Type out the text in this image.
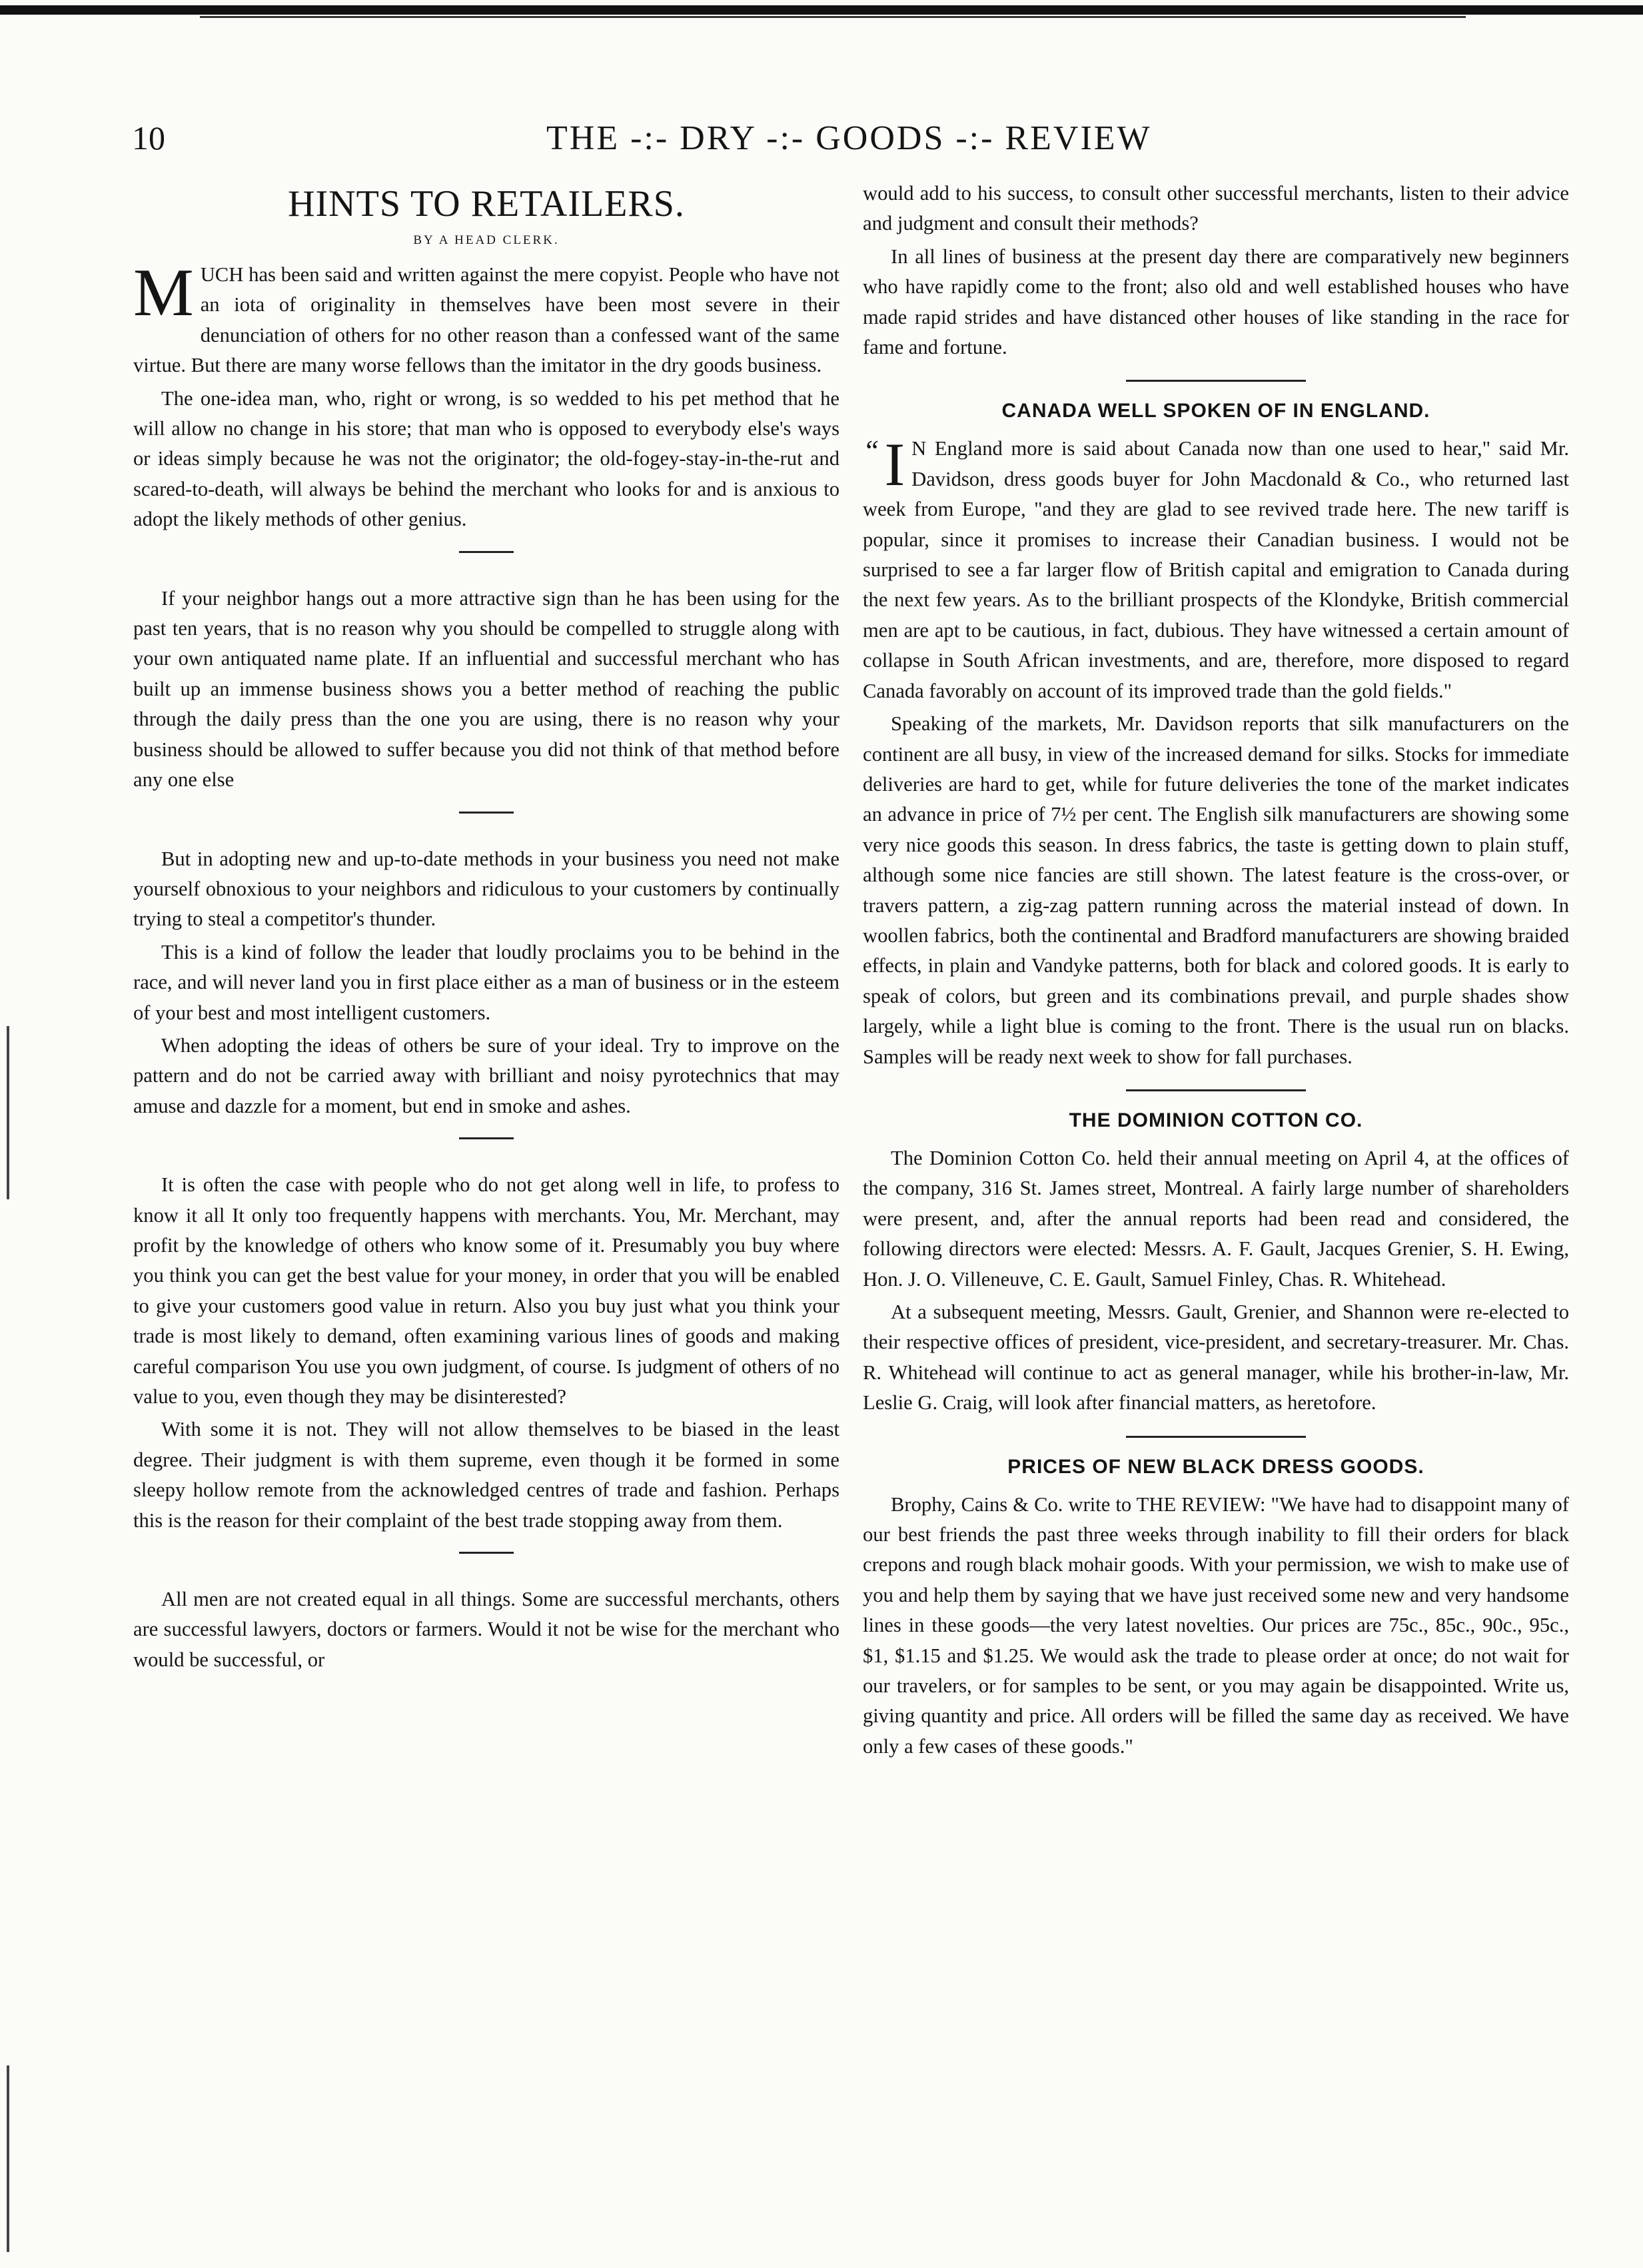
10	THE -:- DRY -:- GOODS -:- REVIEW
HINTS TO RETAILERS.
BY A HEAD CLERK.

M UCH has been said and written against the mere copyist. People who have not an iota of originality in themselves have been most severe in their denunciation of others for no other reason than a confessed want of the same virtue. But there are many worse fellows than the imitator in the dry goods business.

The one-idea man, who, right or wrong, is so wedded to his pet method that he will allow no change in his store; that man who is opposed to everybody else's ways or ideas simply because he was not the originator; the old-fogey-stay-in-the-rut and scared-to-death, will always be behind the merchant who looks for and is anxious to adopt the likely methods of other genius.

If your neighbor hangs out a more attractive sign than he has been using for the past ten years, that is no reason why you should be compelled to struggle along with your own antiquated name plate. If an influential and successful merchant who has built up an immense business shows you a better method of reaching the public through the daily press than the one you are using, there is no reason why your business should be allowed to suffer because you did not think of that method before any one else

But in adopting new and up-to-date methods in your business you need not make yourself obnoxious to your neighbors and ridiculous to your customers by continually trying to steal a competitor's thunder.

This is a kind of follow the leader that loudly proclaims you to be behind in the race, and will never land you in first place either as a man of business or in the esteem of your best and most intelligent customers.

When adopting the ideas of others be sure of your ideal. Try to improve on the pattern and do not be carried away with brilliant and noisy pyrotechnics that may amuse and dazzle for a moment, but end in smoke and ashes.

It is often the case with people who do not get along well in life, to profess to know it all It only too frequently happens with merchants. You, Mr. Merchant, may profit by the knowledge of others who know some of it. Presumably you buy where you think you can get the best value for your money, in order that you will be enabled to give your customers good value in return. Also you buy just what you think your trade is most likely to demand, often examining various lines of goods and making careful comparison You use you own judgment, of course. Is judgment of others of no value to you, even though they may be disinterested?

With some it is not. They will not allow themselves to be biased in the least degree. Their judgment is with them supreme, even though it be formed in some sleepy hollow remote from the acknowledged centres of trade and fashion. Perhaps this is the reason for their complaint of the best trade stopping away from them.

All men are not created equal in all things. Some are successful merchants, others are successful lawyers, doctors or farmers. Would it not be wise for the merchant who would be successful, or

would add to his success, to consult other successful merchants, listen to their advice and judgment and consult their methods?

In all lines of business at the present day there are comparatively new beginners who have rapidly come to the front; also old and well established houses who have made rapid strides and have distanced other houses of like standing in the race for fame and fortune.

CANADA WELL SPOKEN OF IN ENGLAND.

“ I N England more is said about Canada now than one used to hear," said Mr. Davidson, dress goods buyer for John Macdonald & Co., who returned last week from Europe, "and they are glad to see revived trade here. The new tariff is popular, since it promises to increase their Canadian business. I would not be surprised to see a far larger flow of British capital and emigration to Canada during the next few years. As to the brilliant prospects of the Klondyke, British commercial men are apt to be cautious, in fact, dubious. They have witnessed a certain amount of collapse in South African investments, and are, therefore, more disposed to regard Canada favorably on account of its improved trade than the gold fields."

Speaking of the markets, Mr. Davidson reports that silk manufacturers on the continent are all busy, in view of the increased demand for silks. Stocks for immediate deliveries are hard to get, while for future deliveries the tone of the market indicates an advance in price of 7½ per cent. The English silk manufacturers are showing some very nice goods this season. In dress fabrics, the taste is getting down to plain stuff, although some nice fancies are still shown. The latest feature is the cross-over, or travers pattern, a zig-zag pattern running across the material instead of down. In woollen fabrics, both the continental and Bradford manufacturers are showing braided effects, in plain and Vandyke patterns, both for black and colored goods. It is early to speak of colors, but green and its combinations prevail, and purple shades show largely, while a light blue is coming to the front. There is the usual run on blacks. Samples will be ready next week to show for fall purchases.

THE DOMINION COTTON CO.

The Dominion Cotton Co. held their annual meeting on April 4, at the offices of the company, 316 St. James street, Montreal. A fairly large number of shareholders were present, and, after the annual reports had been read and considered, the following directors were elected: Messrs. A. F. Gault, Jacques Grenier, S. H. Ewing, Hon. J. O. Villeneuve, C. E. Gault, Samuel Finley, Chas. R. Whitehead.

At a subsequent meeting, Messrs. Gault, Grenier, and Shannon were re-elected to their respective offices of president, vice-president, and secretary-treasurer. Mr. Chas. R. Whitehead will continue to act as general manager, while his brother-in-law, Mr. Leslie G. Craig, will look after financial matters, as heretofore.

PRICES OF NEW BLACK DRESS GOODS.

Brophy, Cains & Co. write to THE REVIEW: "We have had to disappoint many of our best friends the past three weeks through inability to fill their orders for black crepons and rough black mohair goods. With your permission, we wish to make use of you and help them by saying that we have just received some new and very handsome lines in these goods—the very latest novelties. Our prices are 75c., 85c., 90c., 95c., $1, $1.15 and $1.25. We would ask the trade to please order at once; do not wait for our travelers, or for samples to be sent, or you may again be disappointed. Write us, giving quantity and price. All orders will be filled the same day as received. We have only a few cases of these goods."
